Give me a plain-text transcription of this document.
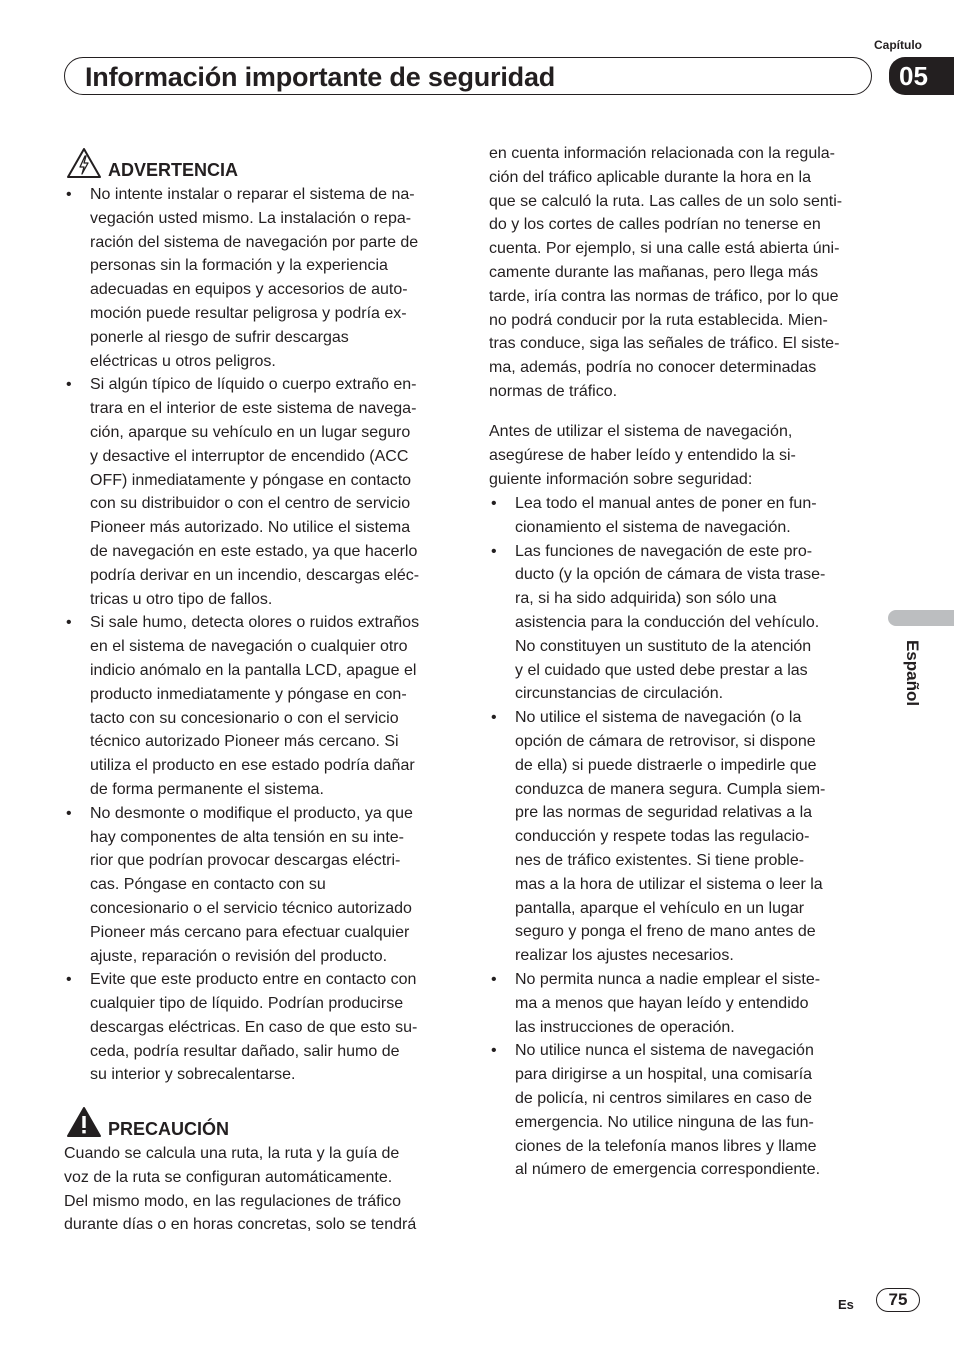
Capítulo
Información importante de seguridad	05
Español
ADVERTENCIA
• No intente instalar o reparar el sistema de na-
vegación usted mismo. La instalación o repa-
ración del sistema de navegación por parte de
personas sin la formación y la experiencia
adecuadas en equipos y accesorios de auto-
moción puede resultar peligrosa y podría ex-
ponerle al riesgo de sufrir descargas
eléctricas u otros peligros.
• Si algún típico de líquido o cuerpo extraño en-
trara en el interior de este sistema de navega-
ción, aparque su vehículo en un lugar seguro
y desactive el interruptor de encendido (ACC
OFF) inmediatamente y póngase en contacto
con su distribuidor o con el centro de servicio
Pioneer más autorizado. No utilice el sistema
de navegación en este estado, ya que hacerlo
podría derivar en un incendio, descargas eléc-
tricas u otro tipo de fallos.
• Si sale humo, detecta olores o ruidos extraños
en el sistema de navegación o cualquier otro
indicio anómalo en la pantalla LCD, apague el
producto inmediatamente y póngase en con-
tacto con su concesionario o con el servicio
técnico autorizado Pioneer más cercano. Si
utiliza el producto en ese estado podría dañar
de forma permanente el sistema.
• No desmonte o modifique el producto, ya que
hay componentes de alta tensión en su inte-
rior que podrían provocar descargas eléctri-
cas. Póngase en contacto con su
concesionario o el servicio técnico autorizado
Pioneer más cercano para efectuar cualquier
ajuste, reparación o revisión del producto.
• Evite que este producto entre en contacto con
cualquier tipo de líquido. Podrían producirse
descargas eléctricas. En caso de que esto su-
ceda, podría resultar dañado, salir humo de
su interior y sobrecalentarse.
PRECAUCIÓN
Cuando se calcula una ruta, la ruta y la guía de
voz de la ruta se configuran automáticamente.
Del mismo modo, en las regulaciones de tráfico
durante días o en horas concretas, solo se tendrá
en cuenta información relacionada con la regula-
ción del tráfico aplicable durante la hora en la
que se calculó la ruta. Las calles de un solo senti-
do y los cortes de calles podrían no tenerse en
cuenta. Por ejemplo, si una calle está abierta úni-
camente durante las mañanas, pero llega más
tarde, iría contra las normas de tráfico, por lo que
no podrá conducir por la ruta establecida. Mien-
tras conduce, siga las señales de tráfico. El siste-
ma, además, podría no conocer determinadas
normas de tráfico.
Antes de utilizar el sistema de navegación,
asegúrese de haber leído y entendido la si-
guiente información sobre seguridad:
• Lea todo el manual antes de poner en fun-
cionamiento el sistema de navegación.
• Las funciones de navegación de este pro-
ducto (y la opción de cámara de vista trase-
ra, si ha sido adquirida) son sólo una
asistencia para la conducción del vehículo.
No constituyen un sustituto de la atención
y el cuidado que usted debe prestar a las
circunstancias de circulación.
• No utilice el sistema de navegación (o la
opción de cámara de retrovisor, si dispone
de ella) si puede distraerle o impedirle que
conduzca de manera segura. Cumpla siem-
pre las normas de seguridad relativas a la
conducción y respete todas las regulacio-
nes de tráfico existentes. Si tiene proble-
mas a la hora de utilizar el sistema o leer la
pantalla, aparque el vehículo en un lugar
seguro y ponga el freno de mano antes de
realizar los ajustes necesarios.
• No permita nunca a nadie emplear el siste-
ma a menos que hayan leído y entendido
las instrucciones de operación.
• No utilice nunca el sistema de navegación
para dirigirse a un hospital, una comisaría
de policía, ni centros similares en caso de
emergencia. No utilice ninguna de las fun-
ciones de la telefonía manos libres y llame
al número de emergencia correspondiente.
Es	75
